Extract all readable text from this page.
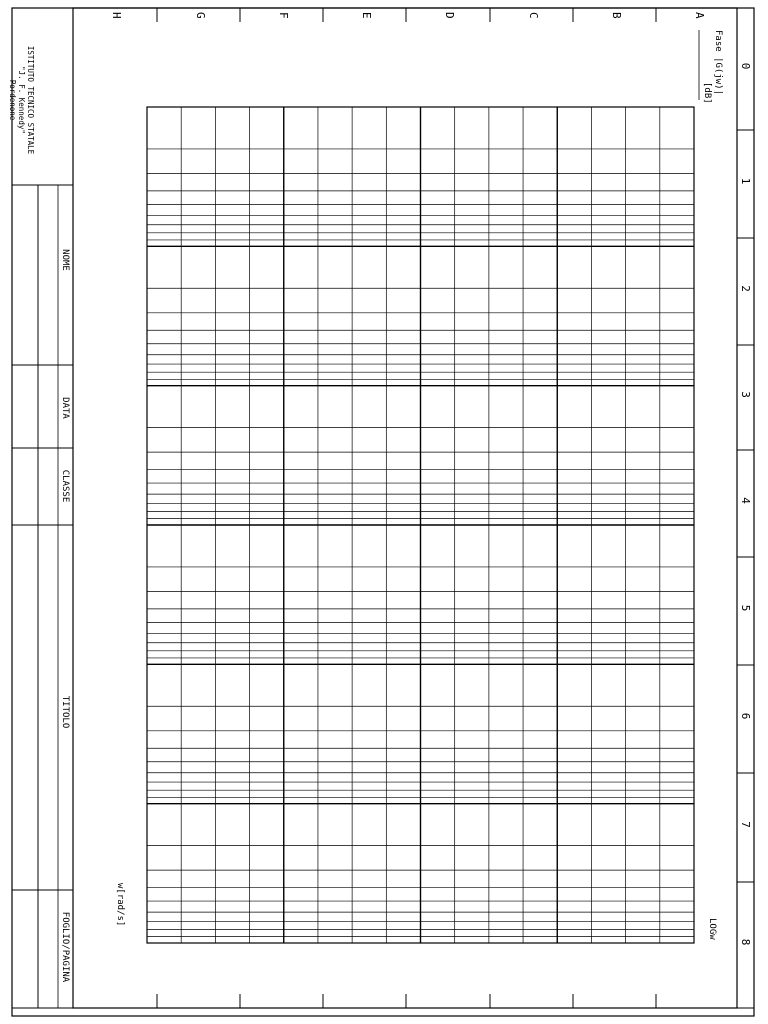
H	G	F	E	D	C	B	A
0
1
2
3
4
5
6
7
8
ISTITUTO TECNICO STATALE
"J. F. Kennedy"
Pordenone
NOME
DATA
CLASSE
TITOLO
FOGLIO/PAGINA
Fase |G(jw)|
[dB]
LOGw
w[rad/s]
